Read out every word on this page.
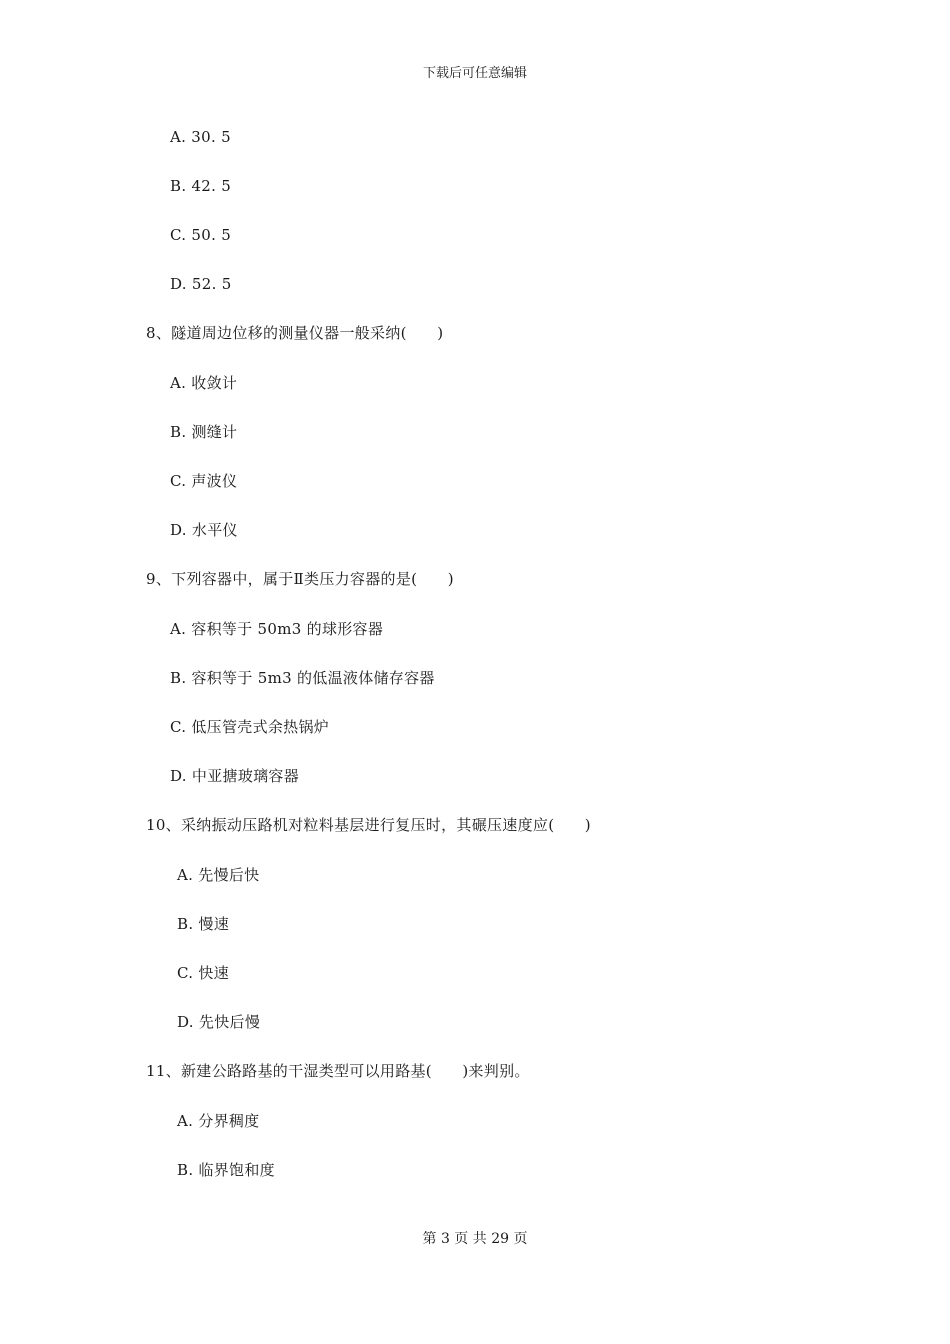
下载后可任意编辑
A. 30. 5
B. 42. 5
C. 50. 5
D. 52. 5
8、隧道周边位移的测量仪器一般采纳(      )
A. 收敛计
B. 测缝计
C. 声波仪
D. 水平仪
9、下列容器中，属于Ⅱ类压力容器的是(      )
A. 容积等于 50m3 的球形容器
B. 容积等于 5m3 的低温液体储存容器
C. 低压管壳式余热锅炉
D. 中亚搪玻璃容器
10、采纳振动压路机对粒料基层进行复压时，其碾压速度应(      )
A. 先慢后快
B. 慢速
C. 快速
D. 先快后慢
11、新建公路路基的干湿类型可以用路基(      )来判别。
A. 分界稠度
B. 临界饱和度
第 3 页 共 29 页
